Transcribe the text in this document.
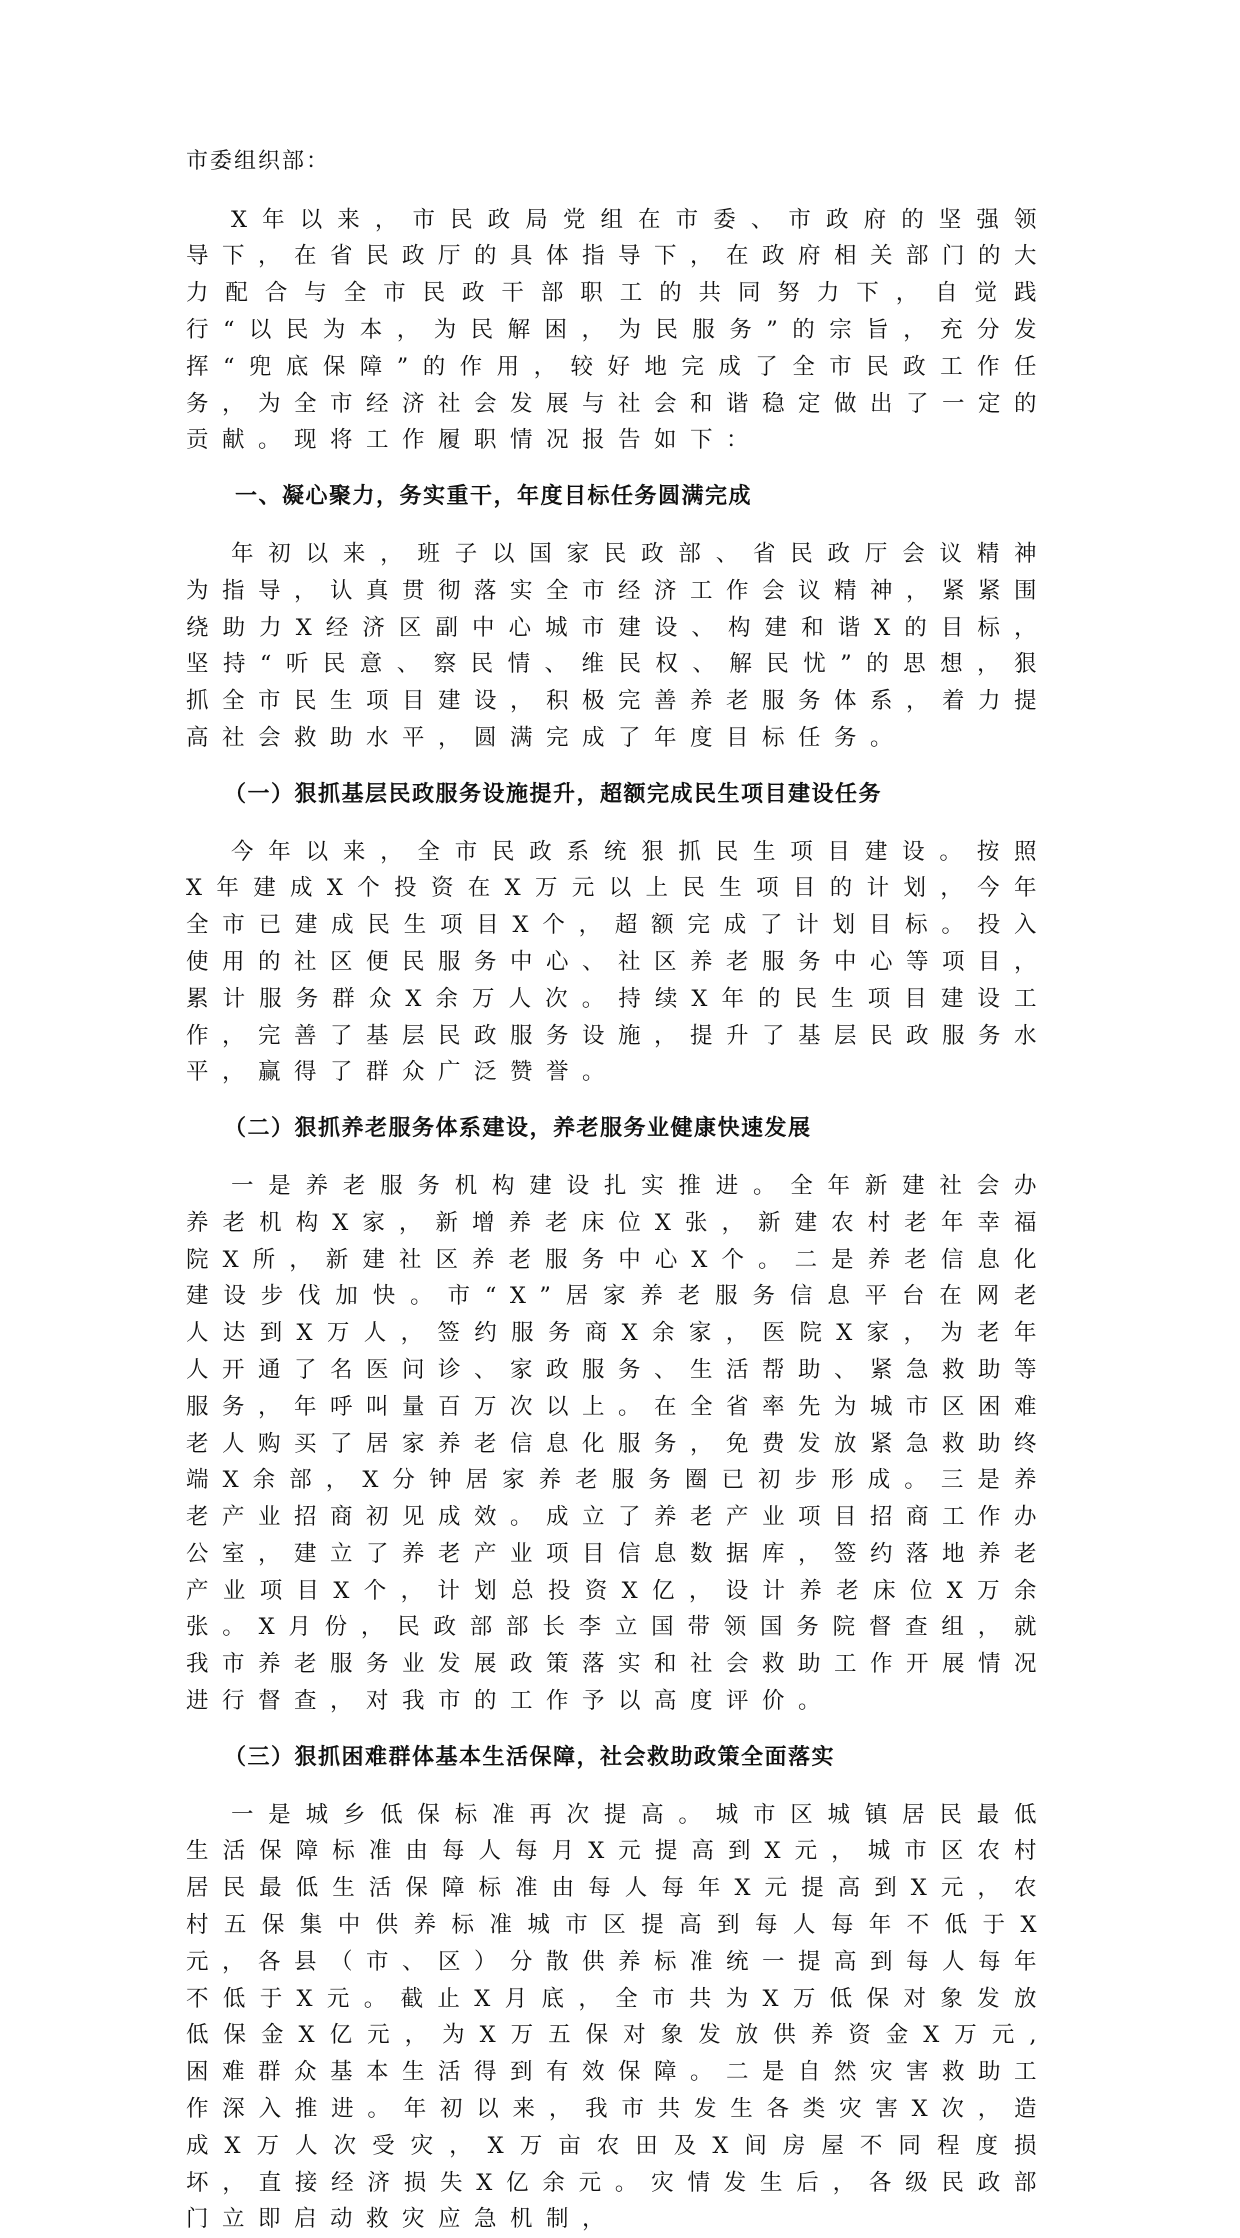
市委组织部：

X年以来，市民政局党组在市委、市政府的坚强领导下，在省民政厅的具体指导下，在政府相关部门的大力配合与全市民政干部职工的共同努力下，自觉践行“以民为本，为民解困，为民服务”的宗旨，充分发挥“兜底保障”的作用，较好地完成了全市民政工作任务，为全市经济社会发展与社会和谐稳定做出了一定的贡献。现将工作履职情况报告如下：

一、凝心聚力，务实重干，年度目标任务圆满完成

年初以来，班子以国家民政部、省民政厅会议精神为指导，认真贯彻落实全市经济工作会议精神，紧紧围绕助力X经济区副中心城市建设、构建和谐X的目标，坚持“听民意、察民情、维民权、解民忧”的思想，狠抓全市民生项目建设，积极完善养老服务体系，着力提高社会救助水平，圆满完成了年度目标任务。

（一）狠抓基层民政服务设施提升，超额完成民生项目建设任务

今年以来，全市民政系统狠抓民生项目建设。按照X年建成X个投资在X万元以上民生项目的计划，今年全市已建成民生项目X个，超额完成了计划目标。投入使用的社区便民服务中心、社区养老服务中心等项目，累计服务群众X余万人次。持续X年的民生项目建设工作，完善了基层民政服务设施，提升了基层民政服务水平，赢得了群众广泛赞誉。

（二）狠抓养老服务体系建设，养老服务业健康快速发展

一是养老服务机构建设扎实推进。全年新建社会办养老机构X家，新增养老床位X张，新建农村老年幸福院X所，新建社区养老服务中心X个。二是养老信息化建设步伐加快。市“X”居家养老服务信息平台在网老人达到X万人，签约服务商X余家，医院X家，为老年人开通了名医问诊、家政服务、生活帮助、紧急救助等服务，年呼叫量百万次以上。在全省率先为城市区困难老人购买了居家养老信息化服务，免费发放紧急救助终端X余部，X分钟居家养老服务圈已初步形成。三是养老产业招商初见成效。成立了养老产业项目招商工作办公室，建立了养老产业项目信息数据库，签约落地养老产业项目X个，计划总投资X亿，设计养老床位X万余张。X月份，民政部部长李立国带领国务院督查组，就我市养老服务业发展政策落实和社会救助工作开展情况进行督查，对我市的工作予以高度评价。

（三）狠抓困难群体基本生活保障，社会救助政策全面落实

一是城乡低保标准再次提高。城市区城镇居民最低生活保障标准由每人每月X元提高到X元，城市区农村居民最低生活保障标准由每人每年X元提高到X元，农村五保集中供养标准城市区提高到每人每年不低于X元，各县（市、区）分散供养标准统一提高到每人每年不低于X元。截止X月底，全市共为X万低保对象发放低保金X亿元，为X万五保对象发放供养资金X万元,困难群众基本生活得到有效保障。二是自然灾害救助工作深入推进。年初以来，我市共发生各类灾害X次，造成X万人次受灾，X万亩农田及X间房屋不同程度损坏，直接经济损失X亿余元。灾情发生后，各级民政部门立即启动救灾应急机制，
